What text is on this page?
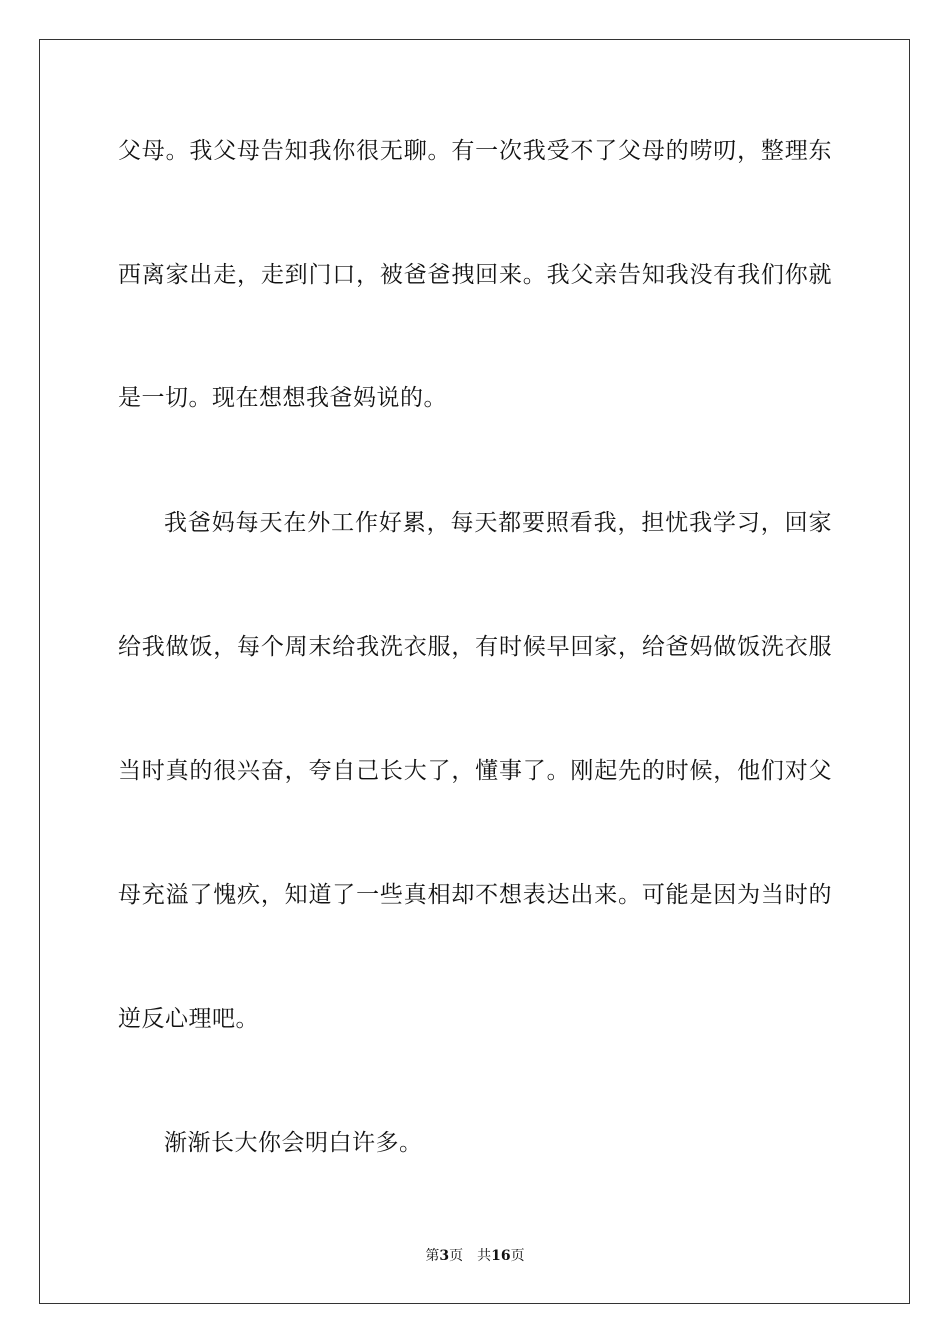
父母。我父母告知我你很无聊。有一次我受不了父母的唠叨，整理东
西离家出走，走到门口，被爸爸拽回来。我父亲告知我没有我们你就
是一切。现在想想我爸妈说的。
我爸妈每天在外工作好累，每天都要照看我，担忧我学习，回家
给我做饭，每个周末给我洗衣服，有时候早回家，给爸妈做饭洗衣服
当时真的很兴奋，夸自己长大了，懂事了。刚起先的时候，他们对父
母充溢了愧疚，知道了一些真相却不想表达出来。可能是因为当时的
逆反心理吧。
渐渐长大你会明白许多。
第3页 共16页
